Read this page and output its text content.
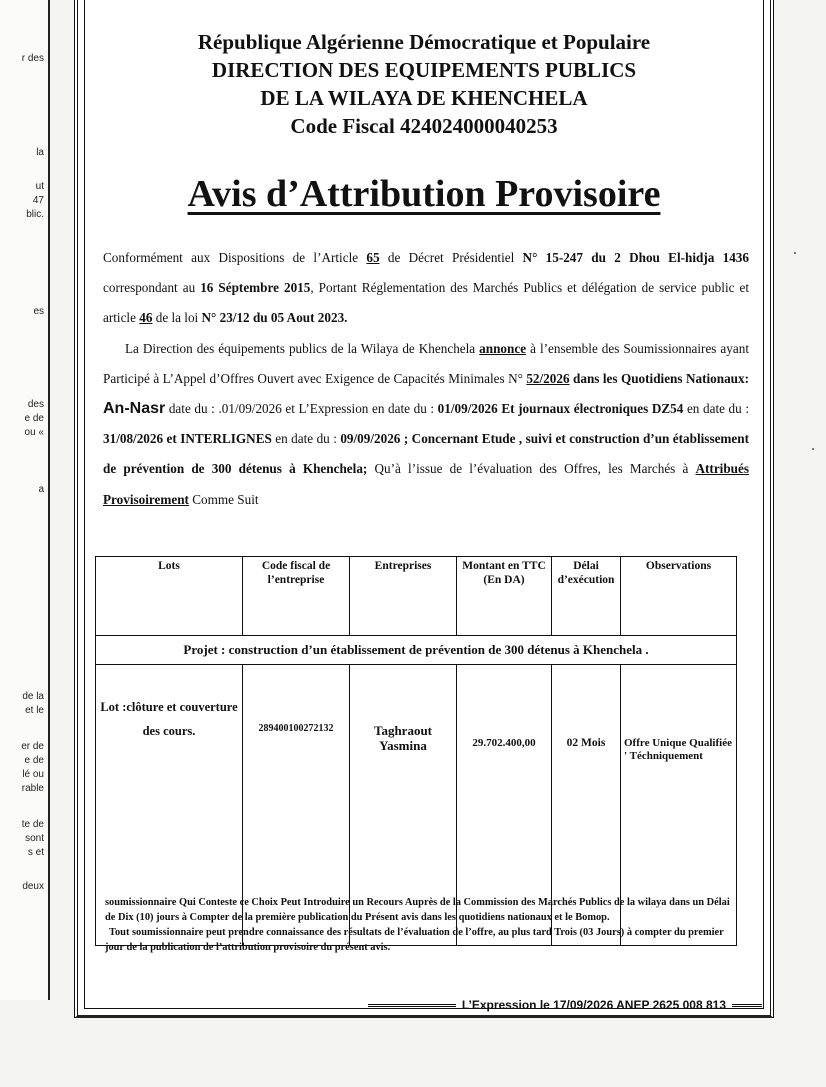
r des
la
ut
47
blic.
es
des
e de
ou «
a
de la
et le
er de
e de
lé ou
rable
te de
sont
s et
deux
République Algérienne Démocratique et Populaire
DIRECTION DES EQUIPEMENTS PUBLICS
DE LA WILAYA DE KHENCHELA
Code Fiscal 424024000040253
Avis d’Attribution Provisoire
Conformément aux Dispositions de l’Article 65 de Décret Présidentiel N° 15-247 du 2 Dhou El-hidja 1436 correspondant au 16 Séptembre 2015, Portant Réglementation des Marchés Publics et délégation de service public et article 46 de la loi N° 23/12 du 05 Aout 2023.
La Direction des équipements publics de la Wilaya de Khenchela annonce à l’ensemble des Soumissionnaires ayant Participé à L’Appel d’Offres Ouvert avec Exigence de Capacités Minimales N° 52/2026 dans les Quotidiens Nationaux: An-Nasr date du : .01/09/2026 et L’Expression en date du : 01/09/2026 Et journaux électroniques DZ54 en date du : 31/08/2026 et INTERLIGNES en date du : 09/09/2026 ; Concernant Etude , suivi et construction d’un établissement de prévention de 300 détenus à Khenchela; Qu’à l’issue de l’évaluation des Offres, les Marchés à Attribués Provisoirement Comme Suit
Lots	Code fiscal de l’entreprise	Entreprises	Montant en TTC (En DA)	Délai d’exécution	Observations
Projet : construction d’un établissement de prévention de 300 détenus à Khenchela .					
Lot :clôture et couverture des cours.	289400100272132	Taghraout Yasmina	29.702.400,00	02 Mois	Offre Unique Qualifiée ' Téchniquement
soumissionnaire Qui Conteste ce Choix Peut Introduire un Recours Auprès de la Commission des Marchés Publics de la wilaya dans un Délai de Dix (10) jours à Compter de la première publication du Présent avis dans les quotidiens nationaux et le Bomop.
Tout soumissionnaire peut prendre connaissance des résultats de l’évaluation de l’offre, au plus tard Trois (03 Jours) à compter du premier jour de la publication de l’attribution provisoire du présent avis.
L’Expression le 17/09/2026 ANEP 2625 008 813
